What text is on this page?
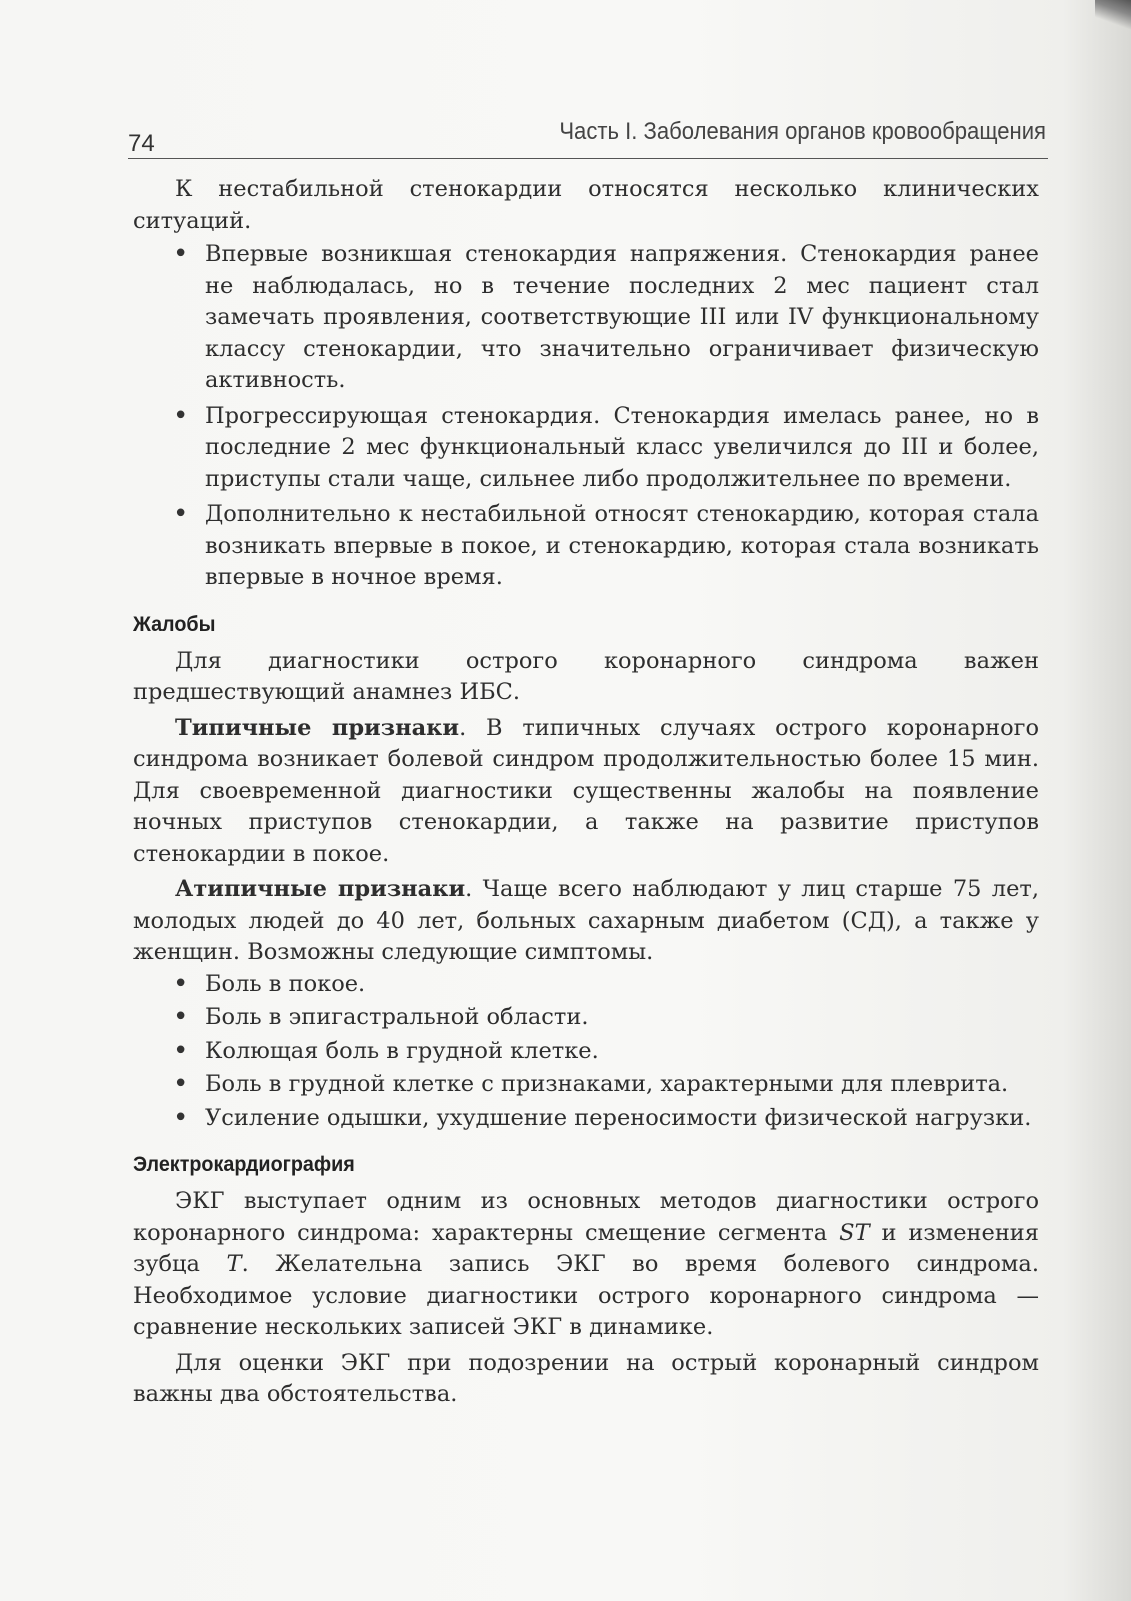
74	Часть I. Заболевания органов кровообращения

К нестабильной стенокардии относятся несколько клинических ситуаций.

• Впервые возникшая стенокардия напряжения. Стенокардия ранее не наблюдалась, но в течение последних 2 мес пациент стал замечать проявления, соответствующие III или IV функциональному классу стенокардии, что значительно ограничивает физическую активность.
• Прогрессирующая стенокардия. Стенокардия имелась ранее, но в последние 2 мес функциональный класс увеличился до III и более, приступы стали чаще, сильнее либо продолжительнее по времени.
• Дополнительно к нестабильной относят стенокардию, которая стала возникать впервые в покое, и стенокардию, которая стала возникать впервые в ночное время.
Жалобы

Для диагностики острого коронарного синдрома важен предшествующий анамнез ИБС.

Типичные признаки. В типичных случаях острого коронарного синдрома возникает болевой синдром продолжительностью более 15 мин. Для своевременной диагностики существенны жалобы на появление ночных приступов стенокардии, а также на развитие приступов стенокардии в покое.

Атипичные признаки. Чаще всего наблюдают у лиц старше 75 лет, молодых людей до 40 лет, больных сахарным диабетом (СД), а также у женщин. Возможны следующие симптомы.

• Боль в покое.
• Боль в эпигастральной области.
• Колющая боль в грудной клетке.
• Боль в грудной клетке с признаками, характерными для плеврита.
• Усиление одышки, ухудшение переносимости физической нагрузки.
Электрокардиография

ЭКГ выступает одним из основных методов диагностики острого коронарного синдрома: характерны смещение сегмента ST и изменения зубца T. Желательна запись ЭКГ во время болевого синдрома. Необходимое условие диагностики острого коронарного синдрома — сравнение нескольких записей ЭКГ в динамике.

Для оценки ЭКГ при подозрении на острый коронарный синдром важны два обстоятельства.
